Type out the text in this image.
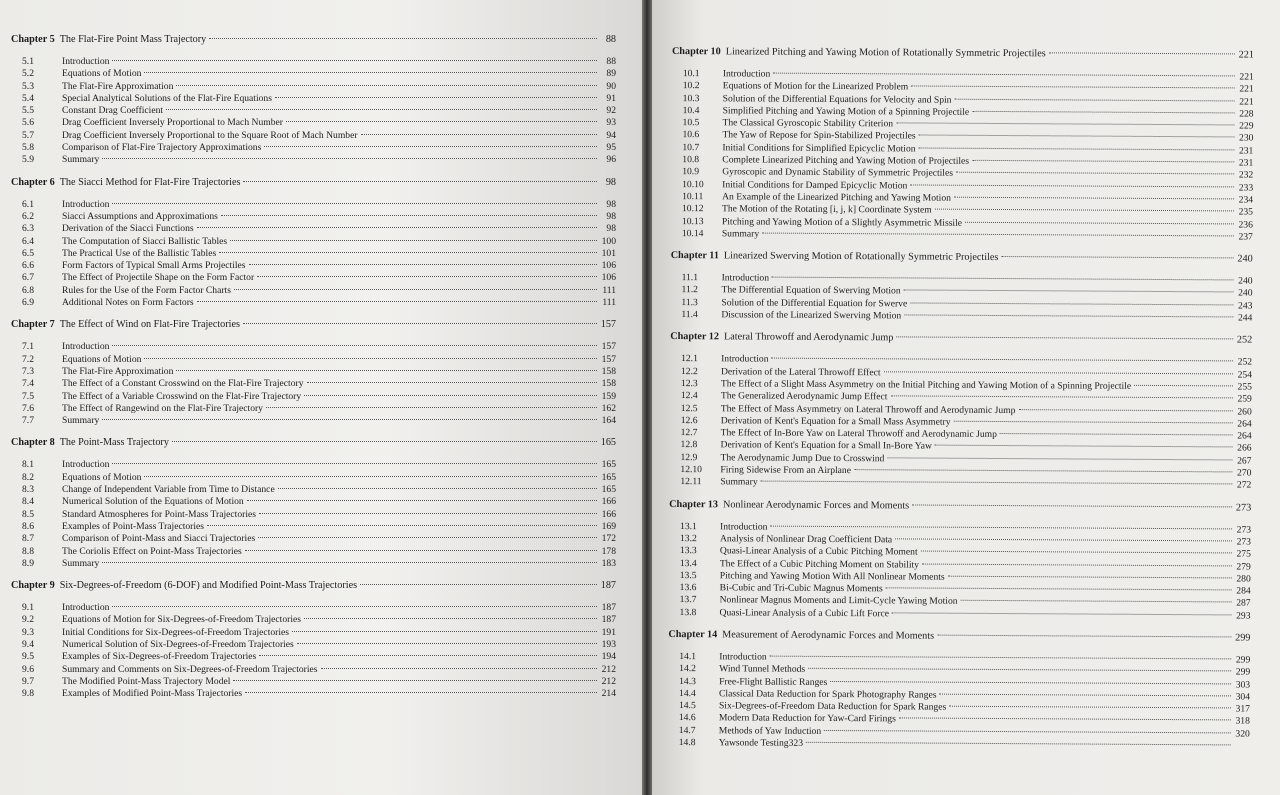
Chapter 5 The Flat-Fire Point Mass Trajectory	88
5.1	Introduction	88
5.2	Equations of Motion	89
5.3	The Flat-Fire Approximation	90
5.4	Special Analytical Solutions of the Flat-Fire Equations	91
5.5	Constant Drag Coefficient	92
5.6	Drag Coefficient Inversely Proportional to Mach Number	93
5.7	Drag Coefficient Inversely Proportional to the Square Root of Mach Number	94
5.8	Comparison of Flat-Fire Trajectory Approximations	95
5.9	Summary	96
Chapter 6 The Siacci Method for Flat-Fire Trajectories	98
6.1	Introduction	98
6.2	Siacci Assumptions and Approximations	98
6.3	Derivation of the Siacci Functions	98
6.4	The Computation of Siacci Ballistic Tables	100
6.5	The Practical Use of the Ballistic Tables	101
6.6	Form Factors of Typical Small Arms Projectiles	106
6.7	The Effect of Projectile Shape on the Form Factor	106
6.8	Rules for the Use of the Form Factor Charts	111
6.9	Additional Notes on Form Factors	111
Chapter 7 The Effect of Wind on Flat-Fire Trajectories	157
7.1	Introduction	157
7.2	Equations of Motion	157
7.3	The Flat-Fire Approximation	158
7.4	The Effect of a Constant Crosswind on the Flat-Fire Trajectory	158
7.5	The Effect of a Variable Crosswind on the Flat-Fire Trajectory	159
7.6	The Effect of Rangewind on the Flat-Fire Trajectory	162
7.7	Summary	164
Chapter 8 The Point-Mass Trajectory	165
8.1	Introduction	165
8.2	Equations of Motion	165
8.3	Change of Independent Variable from Time to Distance	165
8.4	Numerical Solution of the Equations of Motion	166
8.5	Standard Atmospheres for Point-Mass Trajectories	166
8.6	Examples of Point-Mass Trajectories	169
8.7	Comparison of Point-Mass and Siacci Trajectories	172
8.8	The Coriolis Effect on Point-Mass Trajectories	178
8.9	Summary	183
Chapter 9 Six-Degrees-of-Freedom (6-DOF) and Modified Point-Mass Trajectories	187
9.1	Introduction	187
9.2	Equations of Motion for Six-Degrees-of-Freedom Trajectories	187
9.3	Initial Conditions for Six-Degrees-of-Freedom Trajectories	191
9.4	Numerical Solution of Six-Degrees-of-Freedom Trajectories	193
9.5	Examples of Six-Degrees-of-Freedom Trajectories	194
9.6	Summary and Comments on Six-Degrees-of-Freedom Trajectories	212
9.7	The Modified Point-Mass Trajectory Model	212
9.8	Examples of Modified Point-Mass Trajectories	214
Chapter 10 Linearized Pitching and Yawing Motion of Rotationally Symmetric Projectiles	221
10.1	Introduction	221
10.2	Equations of Motion for the Linearized Problem	221
10.3	Solution of the Differential Equations for Velocity and Spin	221
10.4	Simplified Pitching and Yawing Motion of a Spinning Projectile	228
10.5	The Classical Gyroscopic Stability Criterion	229
10.6	The Yaw of Repose for Spin-Stabilized Projectiles	230
10.7	Initial Conditions for Simplified Epicyclic Motion	231
10.8	Complete Linearized Pitching and Yawing Motion of Projectiles	231
10.9	Gyroscopic and Dynamic Stability of Symmetric Projectiles	232
10.10	Initial Conditions for Damped Epicyclic Motion	233
10.11	An Example of the Linearized Pitching and Yawing Motion	234
10.12	The Motion of the Rotating [i, j, k] Coordinate System	235
10.13	Pitching and Yawing Motion of a Slightly Asymmetric Missile	236
10.14	Summary	237
Chapter 11 Linearized Swerving Motion of Rotationally Symmetric Projectiles	240
11.1	Introduction	240
11.2	The Differential Equation of Swerving Motion	240
11.3	Solution of the Differential Equation for Swerve	243
11.4	Discussion of the Linearized Swerving Motion	244
Chapter 12 Lateral Throwoff and Aerodynamic Jump	252
12.1	Introduction	252
12.2	Derivation of the Lateral Throwoff Effect	254
12.3	The Effect of a Slight Mass Asymmetry on the Initial Pitching and Yawing Motion of a Spinning Projectile	255
12.4	The Generalized Aerodynamic Jump Effect	259
12.5	The Effect of Mass Asymmetry on Lateral Throwoff and Aerodynamic Jump	260
12.6	Derivation of Kent's Equation for a Small Mass Asymmetry	264
12.7	The Effect of In-Bore Yaw on Lateral Throwoff and Aerodynamic Jump	264
12.8	Derivation of Kent's Equation for a Small In-Bore Yaw	266
12.9	The Aerodynamic Jump Due to Crosswind	267
12.10	Firing Sidewise From an Airplane	270
12.11	Summary	272
Chapter 13 Nonlinear Aerodynamic Forces and Moments	273
13.1	Introduction	273
13.2	Analysis of Nonlinear Drag Coefficient Data	273
13.3	Quasi-Linear Analysis of a Cubic Pitching Moment	275
13.4	The Effect of a Cubic Pitching Moment on Stability	279
13.5	Pitching and Yawing Motion With All Nonlinear Moments	280
13.6	Bi-Cubic and Tri-Cubic Magnus Moments	284
13.7	Nonlinear Magnus Moments and Limit-Cycle Yawing Motion	287
13.8	Quasi-Linear Analysis of a Cubic Lift Force	293
Chapter 14 Measurement of Aerodynamic Forces and Moments	299
14.1	Introduction	299
14.2	Wind Tunnel Methods	299
14.3	Free-Flight Ballistic Ranges	303
14.4	Classical Data Reduction for Spark Photography Ranges	304
14.5	Six-Degrees-of-Freedom Data Reduction for Spark Ranges	317
14.6	Modern Data Reduction for Yaw-Card Firings	318
14.7	Methods of Yaw Induction	320
14.8	Yawsonde Testing323
